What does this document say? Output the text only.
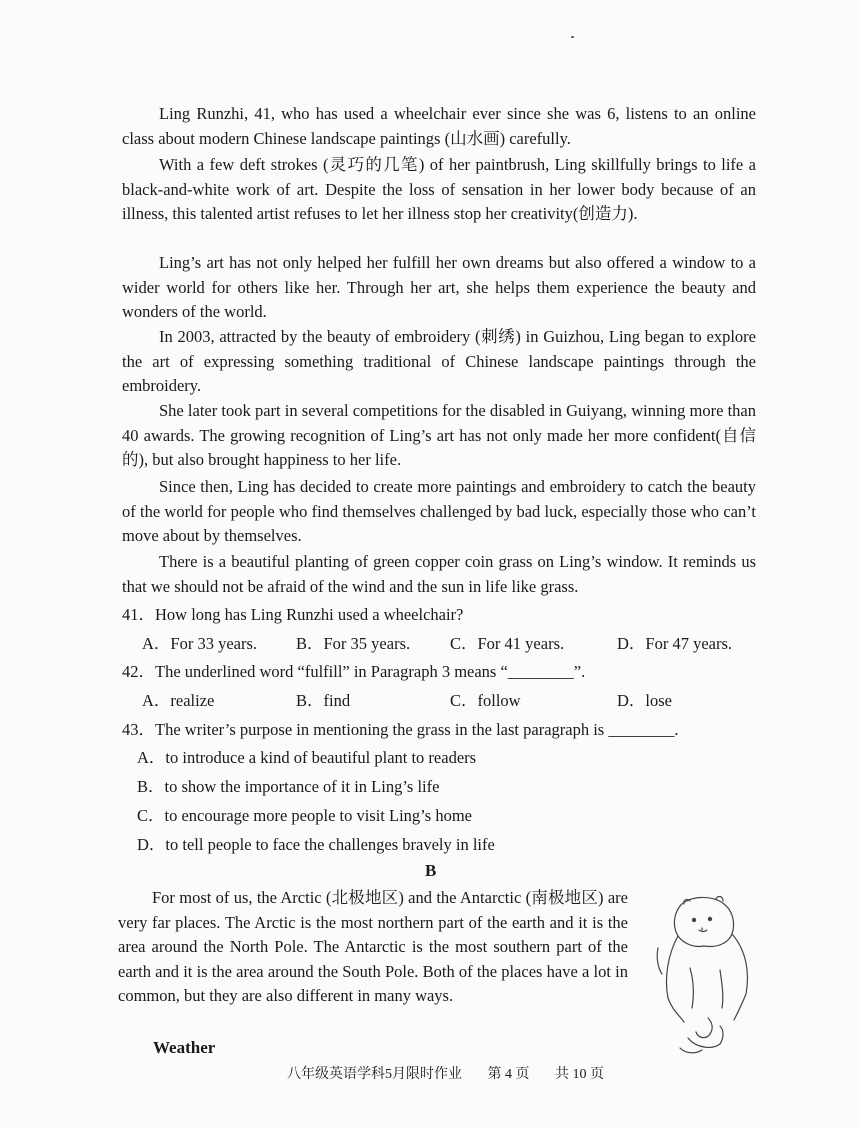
Ling Runzhi, 41, who has used a wheelchair ever since she was 6, listens to an online class about modern Chinese landscape paintings (山水画) carefully.

With a few deft strokes (灵巧的几笔) of her paintbrush, Ling skillfully brings to life a black-and-white work of art. Despite the loss of sensation in her lower body because of an illness, this talented artist refuses to let her illness stop her creativity(创造力).

Ling’s art has not only helped her fulfill her own dreams but also offered a window to a wider world for others like her. Through her art, she helps them experience the beauty and wonders of the world.

In 2003, attracted by the beauty of embroidery (刺绣) in Guizhou, Ling began to explore the art of expressing something traditional of Chinese landscape paintings through the embroidery.

She later took part in several competitions for the disabled in Guiyang, winning more than 40 awards. The growing recognition of Ling’s art has not only made her more confident(自信的), but also brought happiness to her life.

Since then, Ling has decided to create more paintings and embroidery to catch the beauty of the world for people who find themselves challenged by bad luck, especially those who can’t move about by themselves.

There is a beautiful planting of green copper coin grass on Ling’s window. It reminds us that we should not be afraid of the wind and the sun in life like grass.

41．How long has Ling Runzhi used a wheelchair?

A．For 33 years. B．For 35 years. C．For 41 years.	D．For 47 years.

42．The underlined word “fulfill” in Paragraph 3 means “________”.

A．realize	B．find	C．follow	D．lose

43．The writer’s purpose in mentioning the grass in the last paragraph is ________.

A．to introduce a kind of beautiful plant to readers
B．to show the importance of it in Ling’s life
C．to encourage more people to visit Ling’s home
D．to tell people to face the challenges bravely in life
B

For most of us, the Arctic (北极地区) and the Antarctic (南极地区) are very far places. The Arctic is the most northern part of the earth and it is the area around the North Pole. The Antarctic is the most southern part of the earth and it is the area around the South Pole. Both of the places have a lot in common, but they are also different in many ways.

Weather
八年级英语学科5月限时作业 第 4 页 共 10 页
